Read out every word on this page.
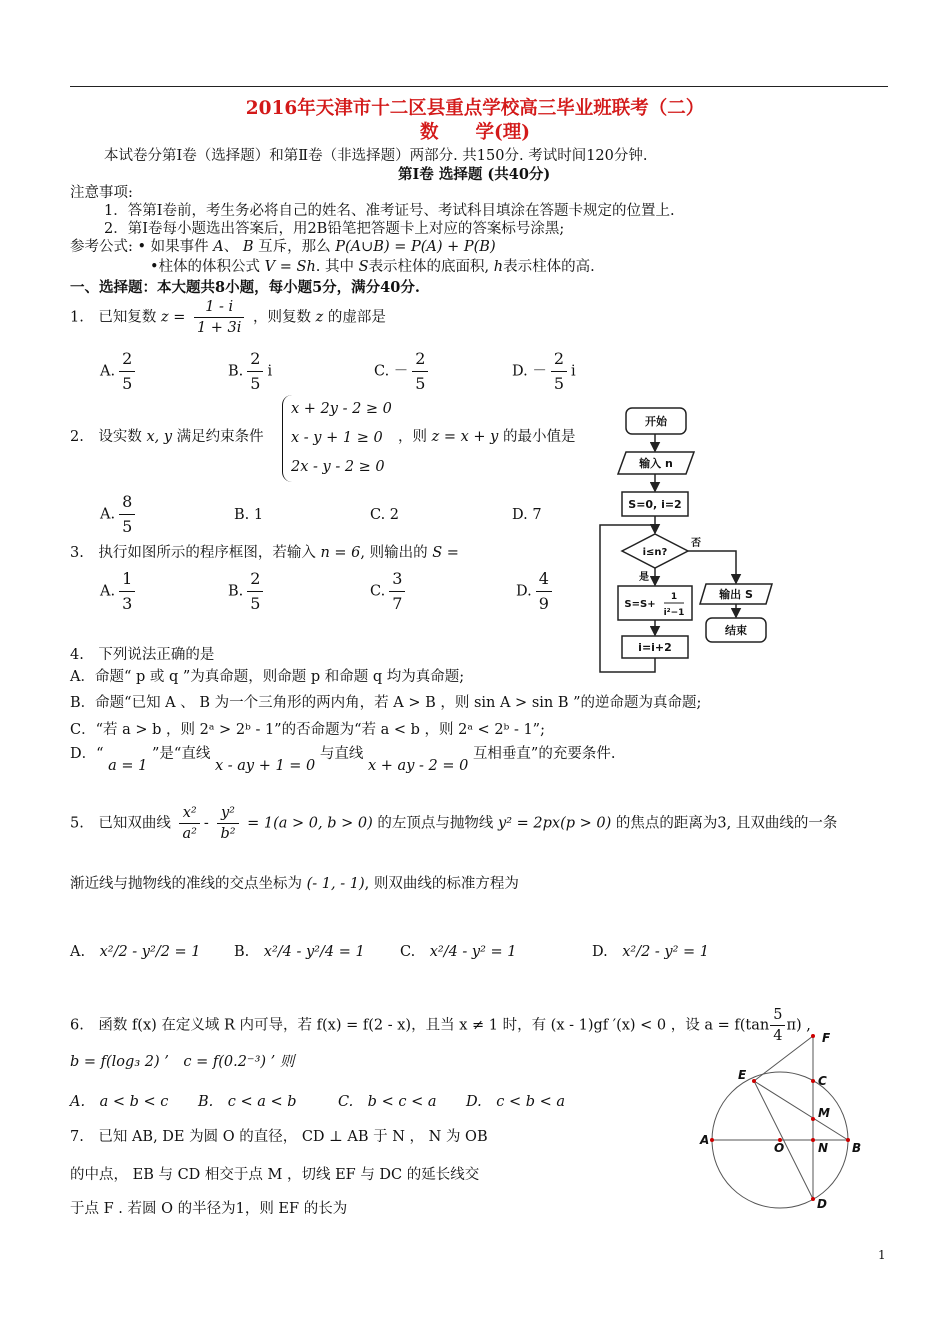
2016年天津市十二区县重点学校高三毕业班联考（二）
数　　学(理)
本试卷分第Ⅰ卷（选择题）和第Ⅱ卷（非选择题）两部分. 共150分. 考试时间120分钟.
第Ⅰ卷 选择题 (共40分)
注意事项:
1．答第Ⅰ卷前，考生务必将自己的姓名、准考证号、考试科目填涂在答题卡规定的位置上.
2．第Ⅰ卷每小题选出答案后，用2B铅笔把答题卡上对应的答案标号涂黑;
参考公式: • 如果事件 A、 B 互斥，那么 P(A∪B) = P(A) + P(B)
•柱体的体积公式 V = Sh. 其中 S表示柱体的底面积, h表示柱体的高.
一、选择题：本大题共8小题，每小题5分，满分40分.
1.　已知复数 $z = \frac{1 - i}{1 + 3i}$ ，则复数 z 的虚部是
A. $\frac{2}{5}$	B. $\frac{2}{5}$ i	C. － $\frac{2}{5}$	D. － $\frac{2}{5}$ i
2.　设实数 x, y 满足约束条件
x + 2y - 2 ≥ 0
x - y + 1 ≥ 0
2x - y - 2 ≥ 0
，则 z = x + y 的最小值是
A. $\frac{8}{5}$	B. 1	C. 2	D. 7
3.　执行如图所示的程序框图，若输入 n = 6, 则输出的 S =
A. $\frac{1}{3}$	B. $\frac{2}{5}$	C. $\frac{3}{7}$	D. $\frac{4}{9}$
开始
输入 n
S=0, i=2
i≤n?
否
是
S=S+
1
i²−1
输出 S
结束
i=i+2
4.　下列说法正确的是
A．命题“ p 或 q ”为真命题，则命题 p 和命题 q 均为真命题;
B．命题“已知 A 、 B 为一个三角形的两内角，若 A > B ，则 sin A > sin B ”的逆命题为真命题;
C．“若 a > b ，则 2ᵃ > 2ᵇ - 1”的否命题为“若 a < b ，则 2ᵃ < 2ᵇ - 1”;
D．“ a = 1 ”是“直线 x - ay + 1 = 0 与直线 x + ay - 2 = 0 互相垂直”的充要条件.
5.　已知双曲线 $\frac{\text{x²}}{\text{a²}} - \frac{\text{y²}}{\text{b²}} = 1(a > 0$, b > 0) 的左顶点与抛物线 y² = 2px(p > 0) 的焦点的距离为3, 且双曲线的一条
渐近线与抛物线的准线的交点坐标为 (- 1, - 1), 则双曲线的标准方程为
A.　 x²/2 - y²/2 = 1 B.　 x²/4 - y²/4 = 1 C.　 x²/4 - y² = 1	D.　 x²/2 - y² = 1
6.　函数 f(x) 在定义域 R 内可导，若 f(x) = f(2 - x)，且当 x ≠ 1 时，有 (x - 1)gf ′(x) < 0 ，设 $a = f(\tan \frac{5}{4} \pi)$ ,
b = f(log₃ 2) ’　c = f(0.2⁻³) ’ 则
A.　a < b < c B.　c < a < b	C.　b < c < a D.　c < b < a
7.　已知 AB, DE 为圆 O 的直径， CD ⊥ AB 于 N ， N 为 OB
的中点， EB 与 CD 相交于点 M ，切线 EF 与 DC 的延长线交
于点 F . 若圆 O 的半径为1，则 EF 的长为
A
B
C
D
E
F
M
N
O
1
